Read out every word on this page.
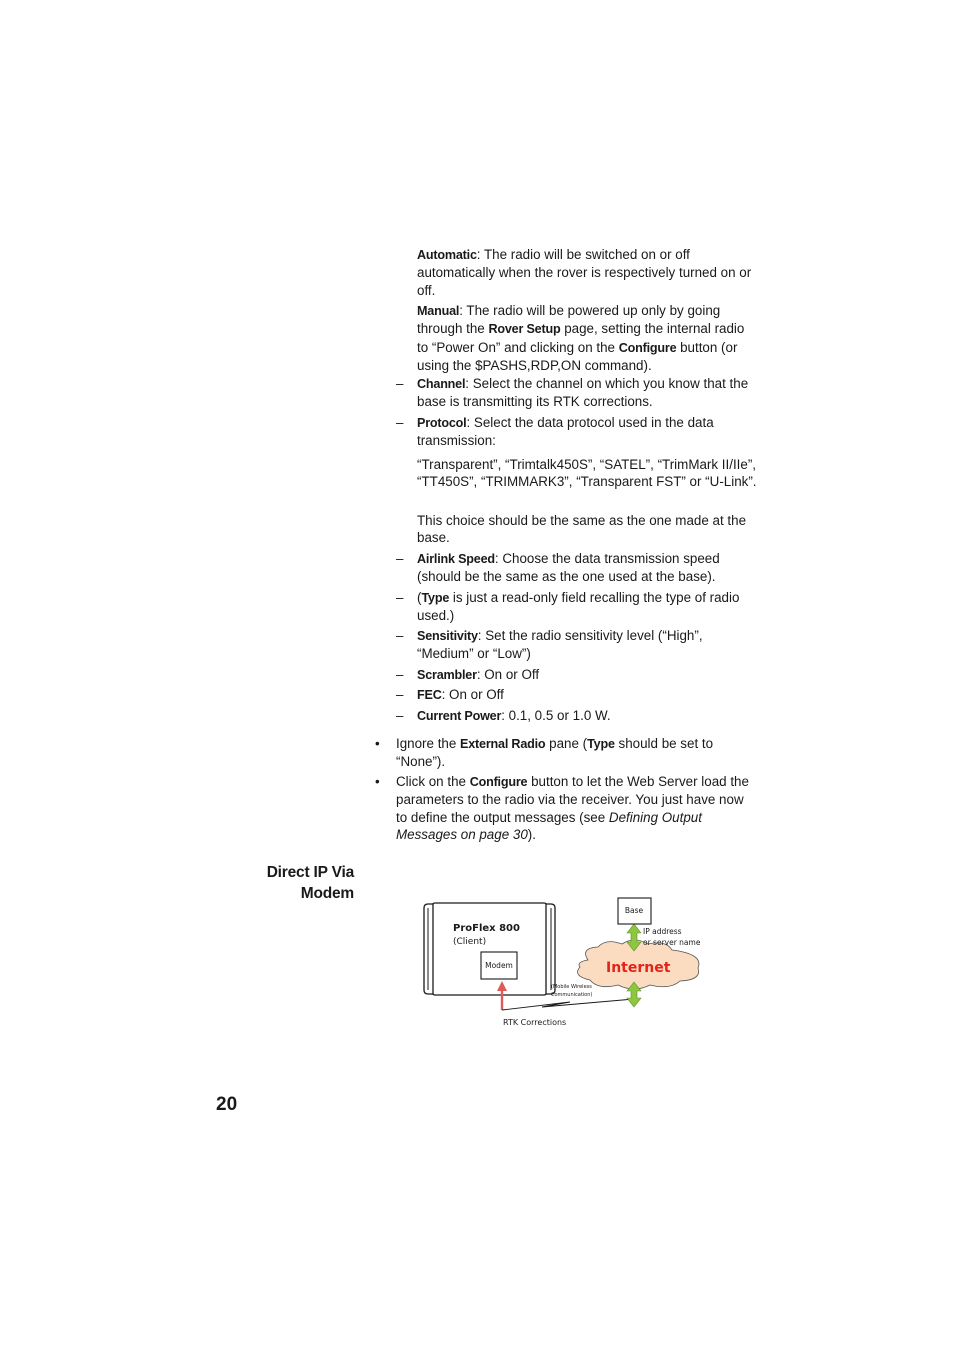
Automatic: The radio will be switched on or off automatically when the rover is respectively turned on or off.

Manual: The radio will be powered up only by going through the Rover Setup page, setting the internal radio to “Power On” and clicking on the Configure button (or using the $PASHS,RDP,ON command).

– Channel: Select the channel on which you know that the base is transmitting its RTK corrections.

– Protocol: Select the data protocol used in the data transmission:

“Transparent”, “Trimtalk450S”, “SATEL”, “TrimMark II/IIe”, “TT450S”, “TRIMMARK3”, “Transparent FST” or “U-Link”.

This choice should be the same as the one made at the base.

– Airlink Speed: Choose the data transmission speed (should be the same as the one used at the base).

– (Type is just a read-only field recalling the type of radio used.)

– Sensitivity: Set the radio sensitivity level (“High”, “Medium” or “Low”)

– Scrambler: On or Off

– FEC: On or Off

– Current Power: 0.1, 0.5 or 1.0 W.

• Ignore the External Radio pane (Type should be set to “None”).

• Click on the Configure button to let the Web Server load the parameters to the radio via the receiver. You just have now to define the output messages (see Defining Output Messages on page 30).

Direct IP Via
Modem
ProFlex 800
(Client)
Modem
(Mobile Wireless
Communication)
RTK Corrections
Internet
Base
IP address
or server name
20
